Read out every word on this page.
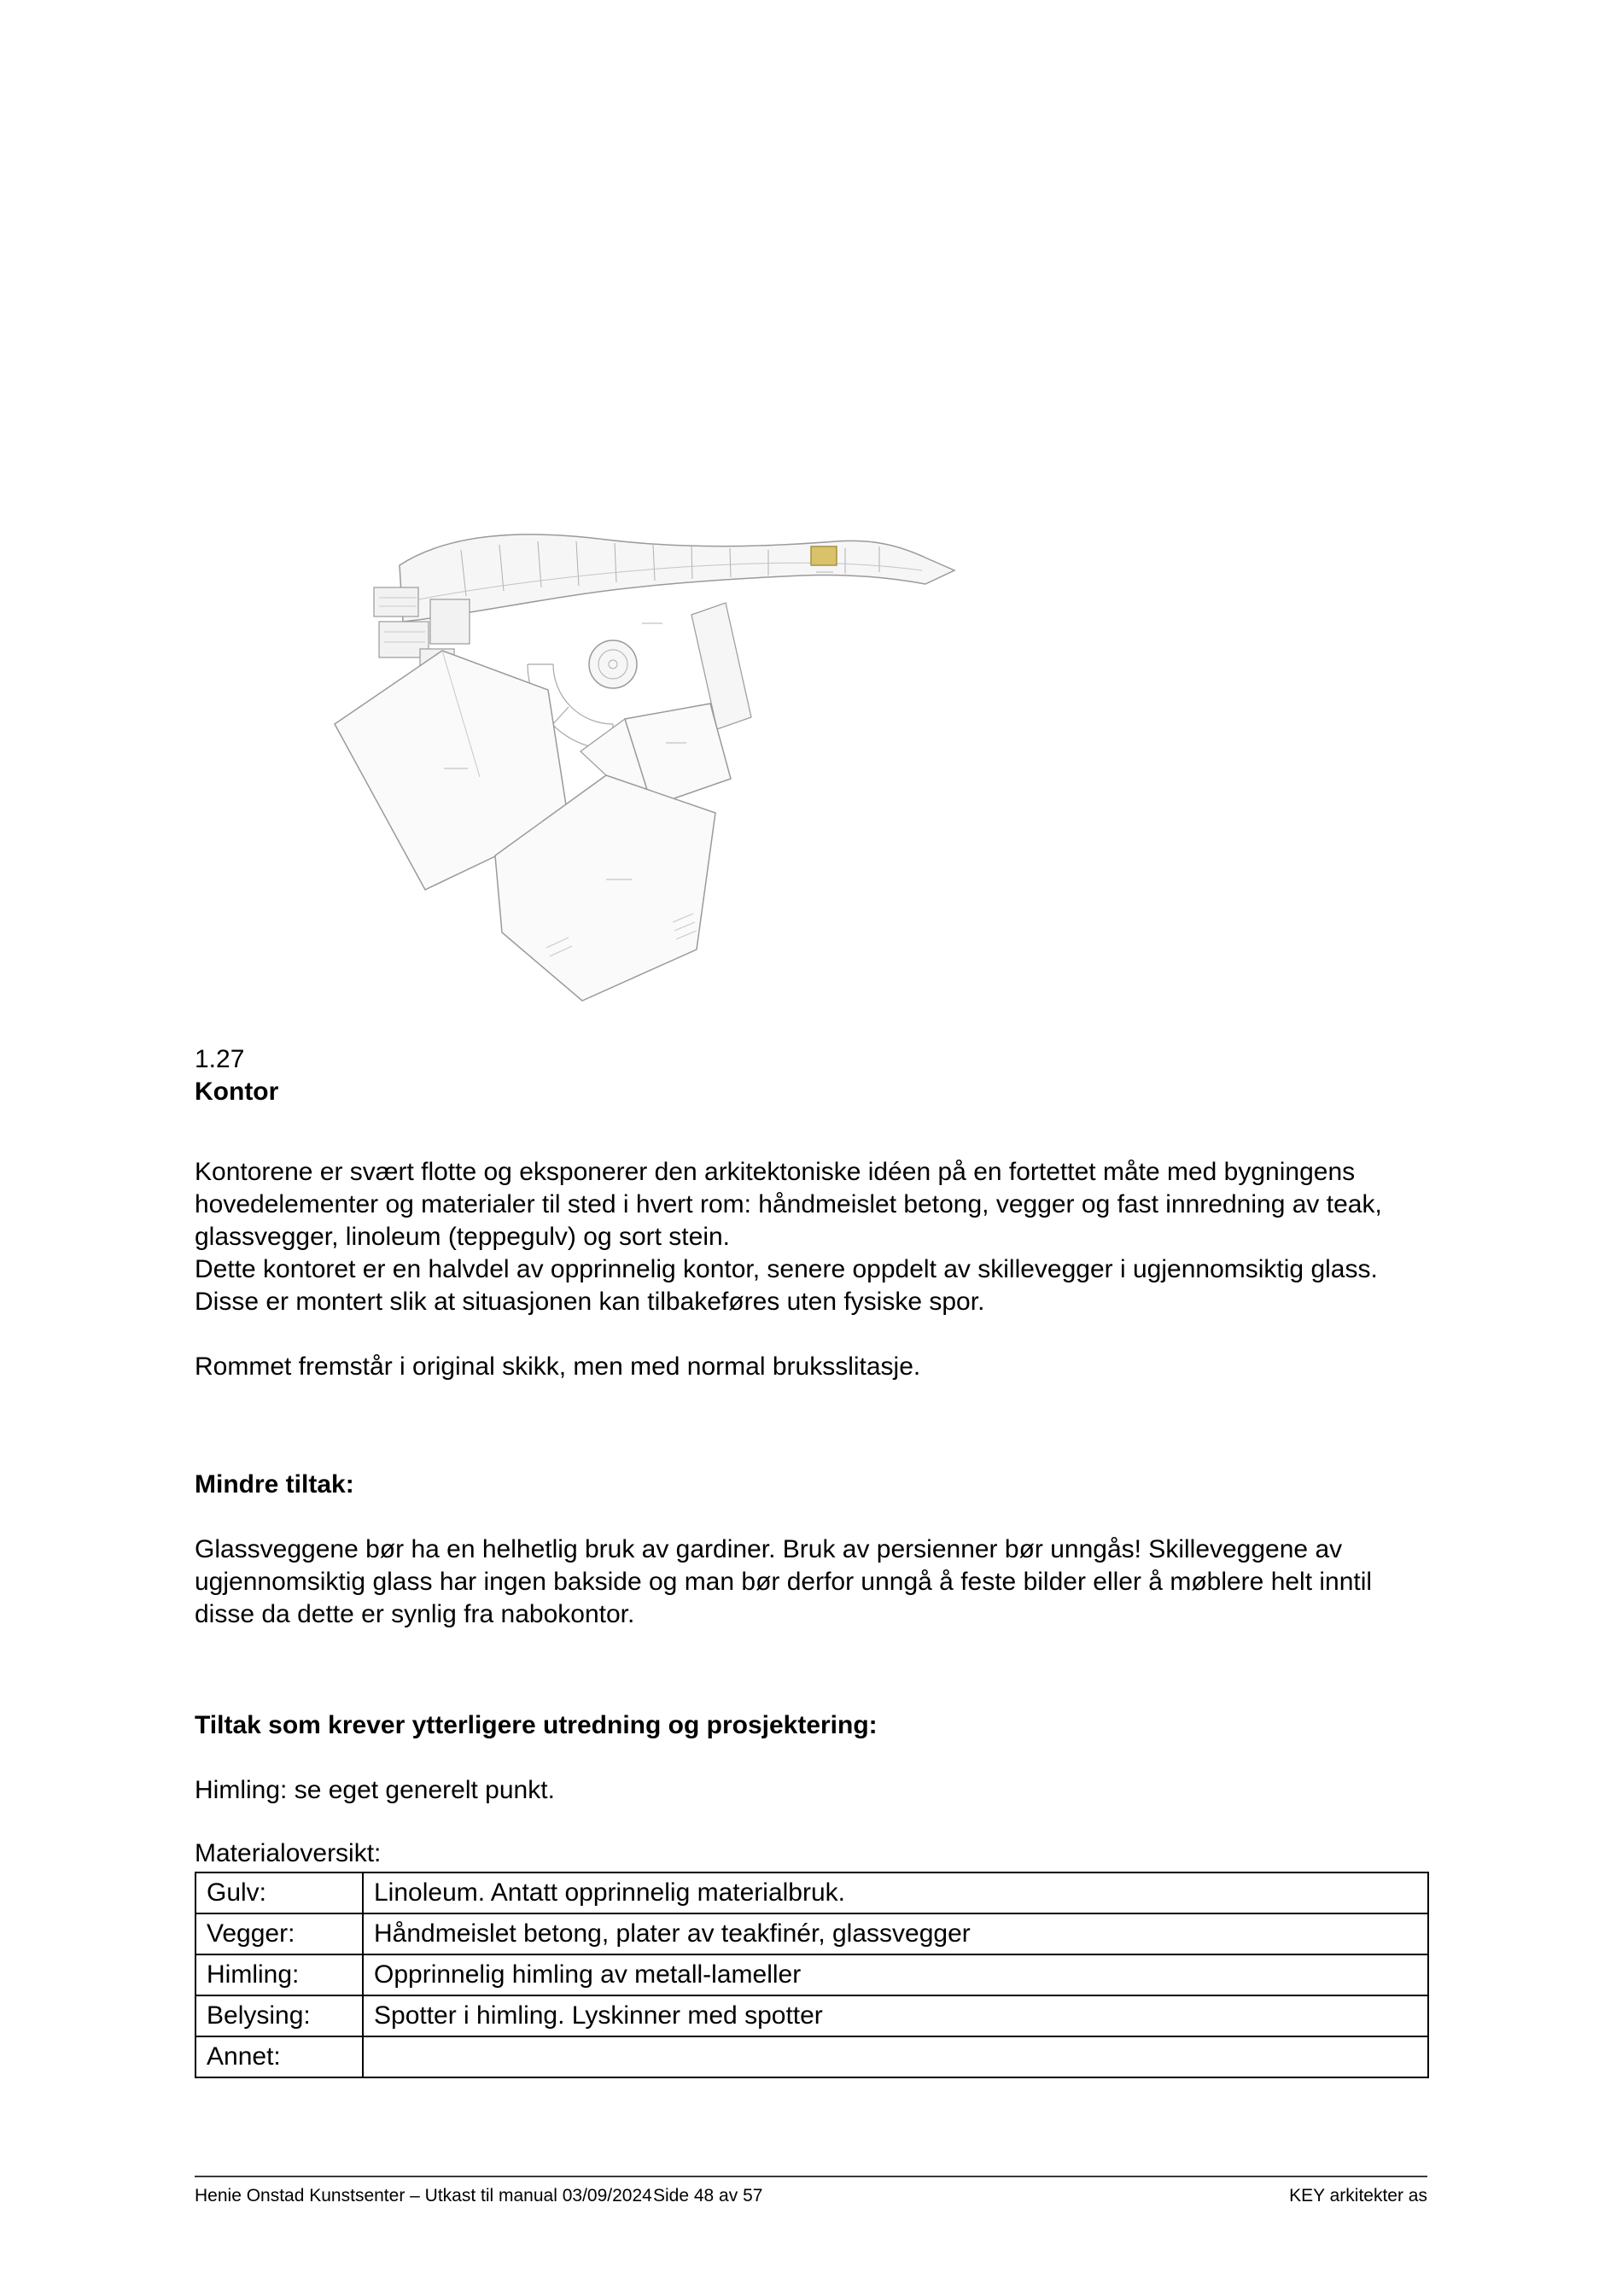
1.27

Kontor

Kontorene er svært flotte og eksponerer den arkitektoniske idéen på en fortettet måte med bygningens hovedelementer og materialer til sted i hvert rom: håndmeislet betong, vegger og fast innredning av teak, glassvegger, linoleum (teppegulv) og sort stein.

Dette kontoret er en halvdel av opprinnelig kontor, senere oppdelt av skillevegger i ugjennomsiktig glass. Disse er montert slik at situasjonen kan tilbakeføres uten fysiske spor.

Rommet fremstår i original skikk, men med normal bruksslitasje.

Mindre tiltak:

Glassveggene bør ha en helhetlig bruk av gardiner. Bruk av persienner bør unngås! Skilleveggene av ugjennomsiktig glass har ingen bakside og man bør derfor unngå å feste bilder eller å møblere helt inntil disse da dette er synlig fra nabokontor.

Tiltak som krever ytterligere utredning og prosjektering:

Himling: se eget generelt punkt.

Materialoversikt:

Gulv:	Linoleum. Antatt opprinnelig materialbruk.
Vegger:	Håndmeislet betong, plater av teakfinér, glassvegger
Himling:	Opprinnelig himling av metall-lameller
Belysing:	Spotter i himling. Lyskinner med spotter
Annet:	
Henie Onstad Kunstsenter – Utkast til manual 03/09/2024 Side 48 av 57	KEY arkitekter as
